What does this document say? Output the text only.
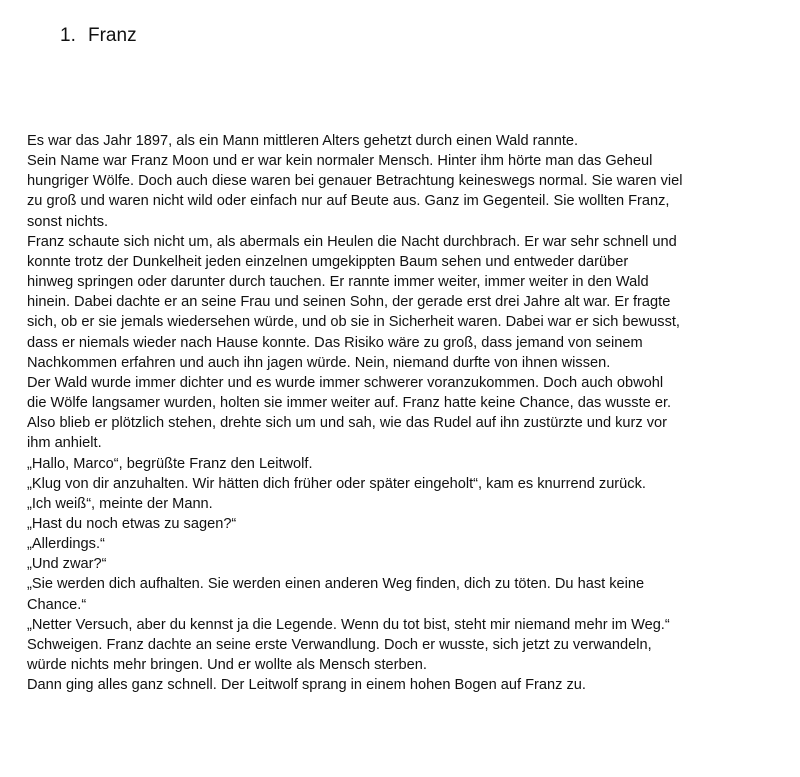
1. Franz
Es war das Jahr 1897, als ein Mann mittleren Alters gehetzt durch einen Wald rannte.
Sein Name war Franz Moon und er war kein normaler Mensch. Hinter ihm hörte man das Geheul
hungriger Wölfe. Doch auch diese waren bei genauer Betrachtung keineswegs normal. Sie waren viel
zu groß und waren nicht wild oder einfach nur auf Beute aus. Ganz im Gegenteil. Sie wollten Franz,
sonst nichts.
Franz schaute sich nicht um, als abermals ein Heulen die Nacht durchbrach. Er war sehr schnell und
konnte trotz der Dunkelheit jeden einzelnen umgekippten Baum sehen und entweder darüber
hinweg springen oder darunter durch tauchen. Er rannte immer weiter, immer weiter in den Wald
hinein. Dabei dachte er an seine Frau und seinen Sohn, der gerade erst drei Jahre alt war. Er fragte
sich, ob er sie jemals wiedersehen würde, und ob sie in Sicherheit waren. Dabei war er sich bewusst,
dass er niemals wieder nach Hause konnte. Das Risiko wäre zu groß, dass jemand von seinem
Nachkommen erfahren und auch ihn jagen würde. Nein, niemand durfte von ihnen wissen.
Der Wald wurde immer dichter und es wurde immer schwerer voranzukommen. Doch auch obwohl
die Wölfe langsamer wurden, holten sie immer weiter auf. Franz hatte keine Chance, das wusste er.
Also blieb er plötzlich stehen, drehte sich um und sah, wie das Rudel auf ihn zustürzte und kurz vor
ihm anhielt.
„Hallo, Marco“, begrüßte Franz den Leitwolf.
„Klug von dir anzuhalten. Wir hätten dich früher oder später eingeholt“, kam es knurrend zurück.
„Ich weiß“, meinte der Mann.
„Hast du noch etwas zu sagen?“
„Allerdings.“
„Und zwar?“
„Sie werden dich aufhalten. Sie werden einen anderen Weg finden, dich zu töten. Du hast keine
Chance.“
„Netter Versuch, aber du kennst ja die Legende. Wenn du tot bist, steht mir niemand mehr im Weg.“
Schweigen. Franz dachte an seine erste Verwandlung. Doch er wusste, sich jetzt zu verwandeln,
würde nichts mehr bringen. Und er wollte als Mensch sterben.
Dann ging alles ganz schnell. Der Leitwolf sprang in einem hohen Bogen auf Franz zu.
